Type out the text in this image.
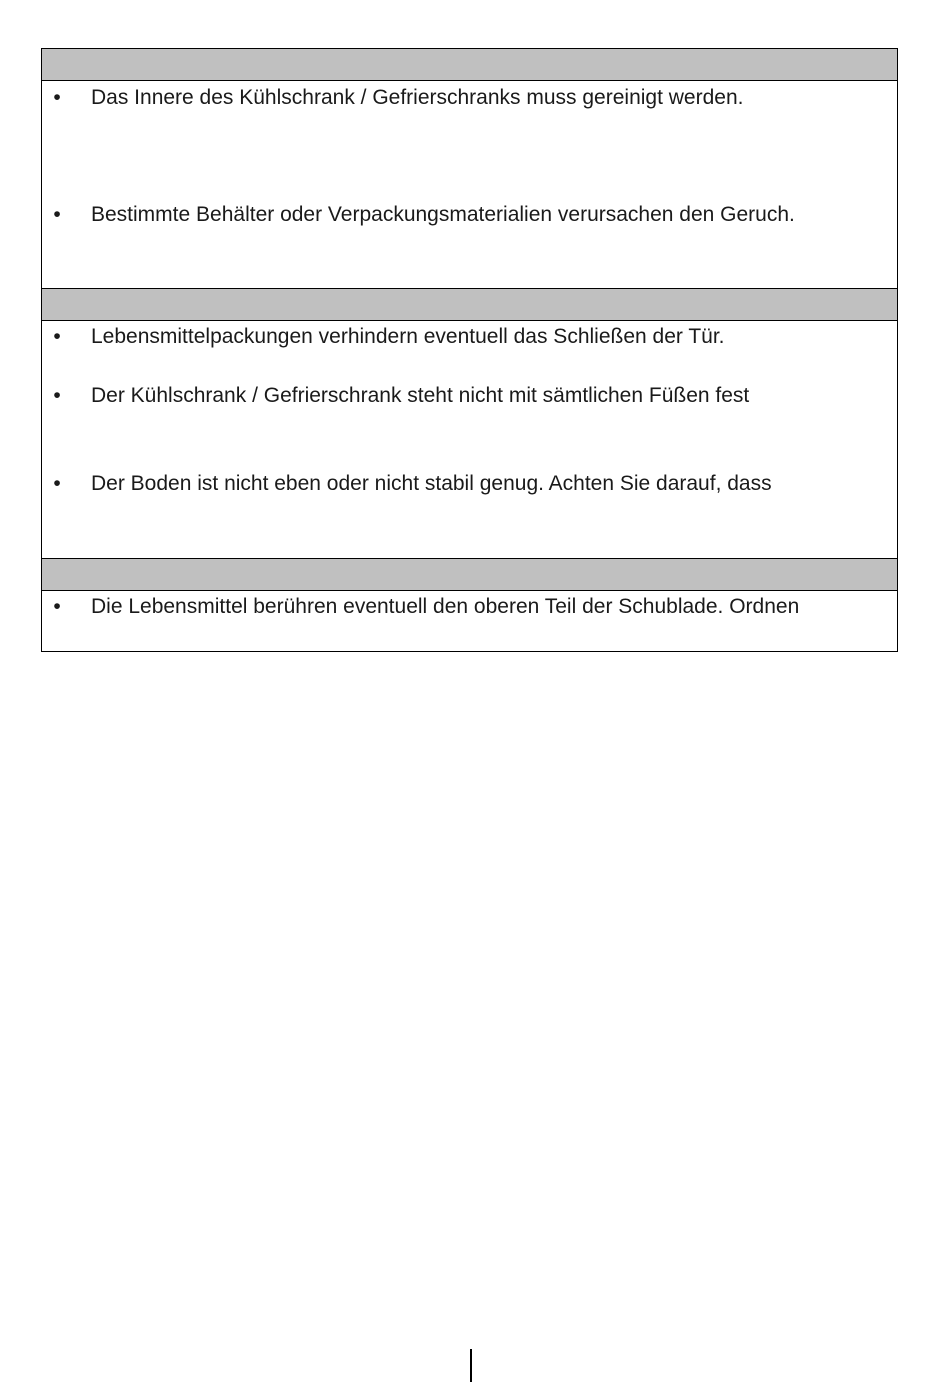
• Das Innere des Kühlschrank / Gefrierschranks muss gereinigt werden.
• Bestimmte Behälter oder Verpackungsmaterialien verursachen den Geruch.
• Lebensmittelpackungen verhindern eventuell das Schließen der Tür.
• Der Kühlschrank / Gefrierschrank steht nicht mit sämtlichen Füßen fest
• Der Boden ist nicht eben oder nicht stabil genug. Achten Sie darauf, dass
• Die Lebensmittel berühren eventuell den oberen Teil der Schublade. Ordnen
